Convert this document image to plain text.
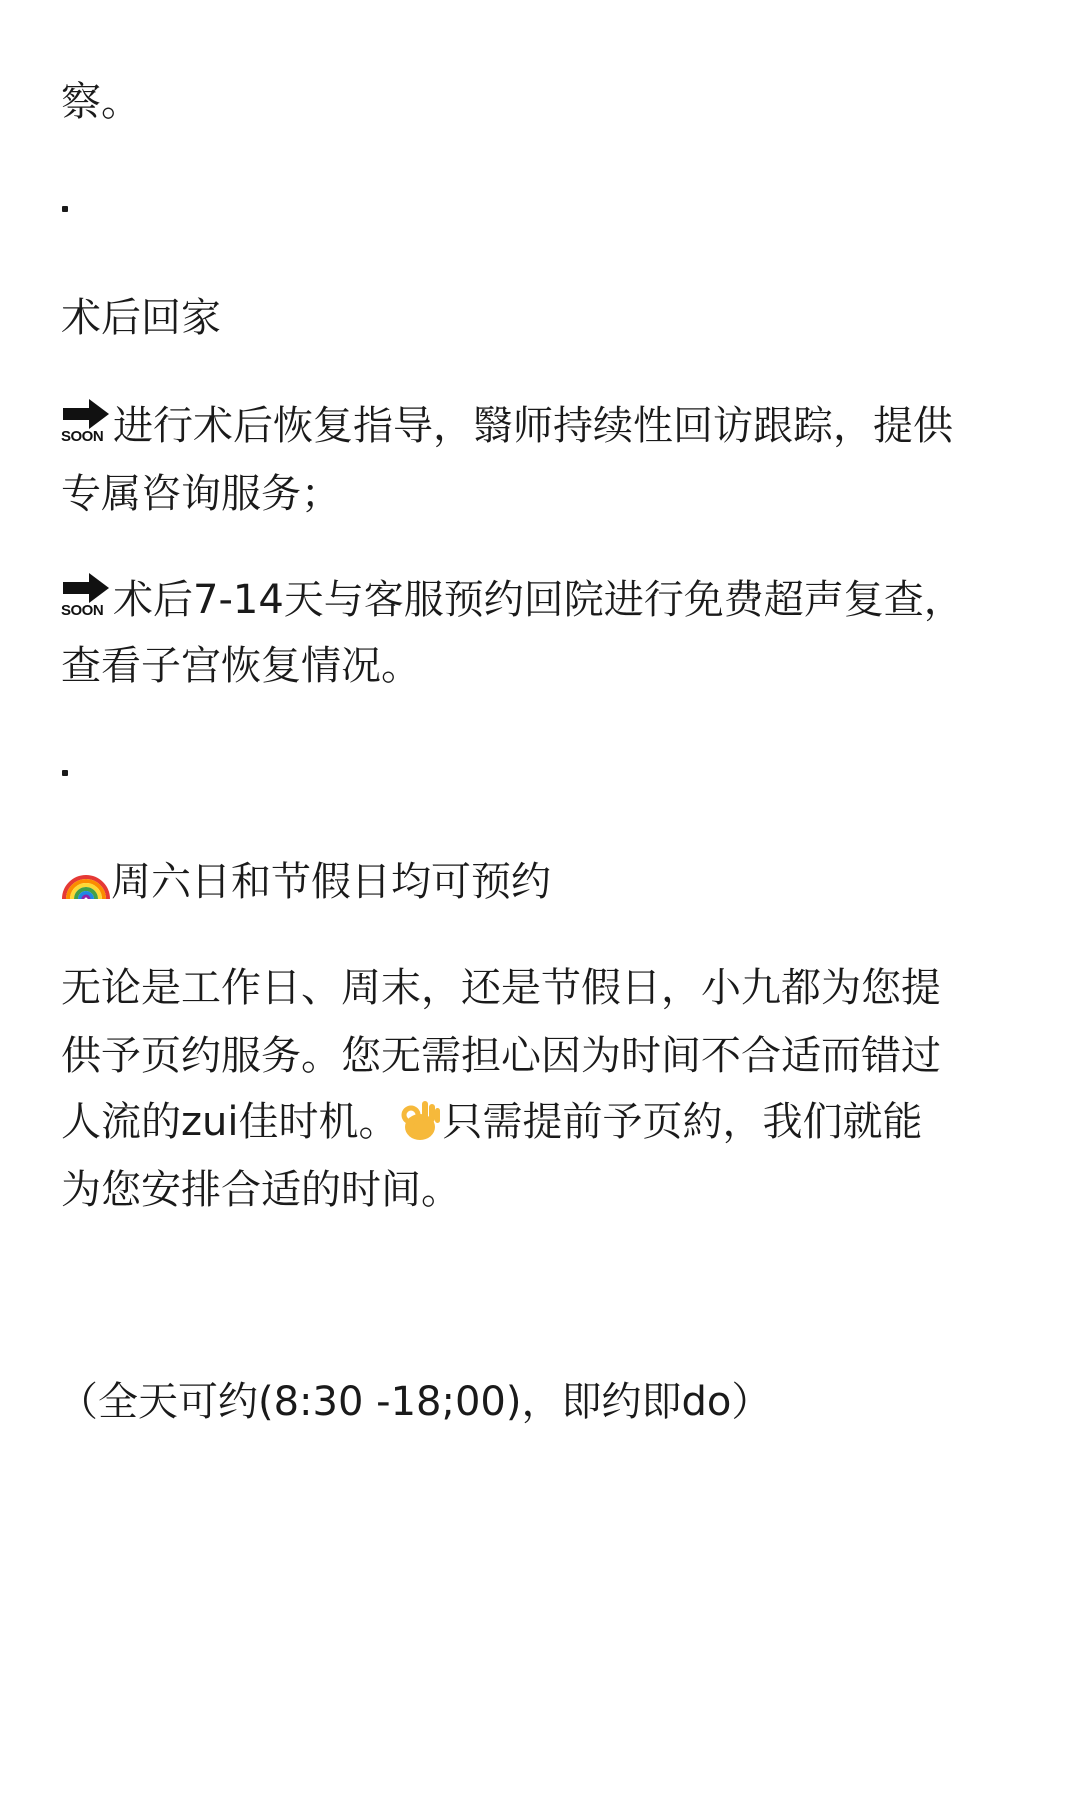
察。
术后回家
SOON 进行术后恢复指导，翳师持续性回访跟踪，提供
专属咨询服务；
SOON 术后7-14天与客服预约回院进行免费超声复查，
查看子宫恢复情况。
周六日和节假日均可预约
无论是工作日、周末，还是节假日，小九都为您提
供予页约服务。您无需担心因为时间不合适而错过
人流的zui佳时机。 只需提前予页約，我们就能
为您安排合适的时间。
（全天可约(8:30 -18;00)，即约即do）
